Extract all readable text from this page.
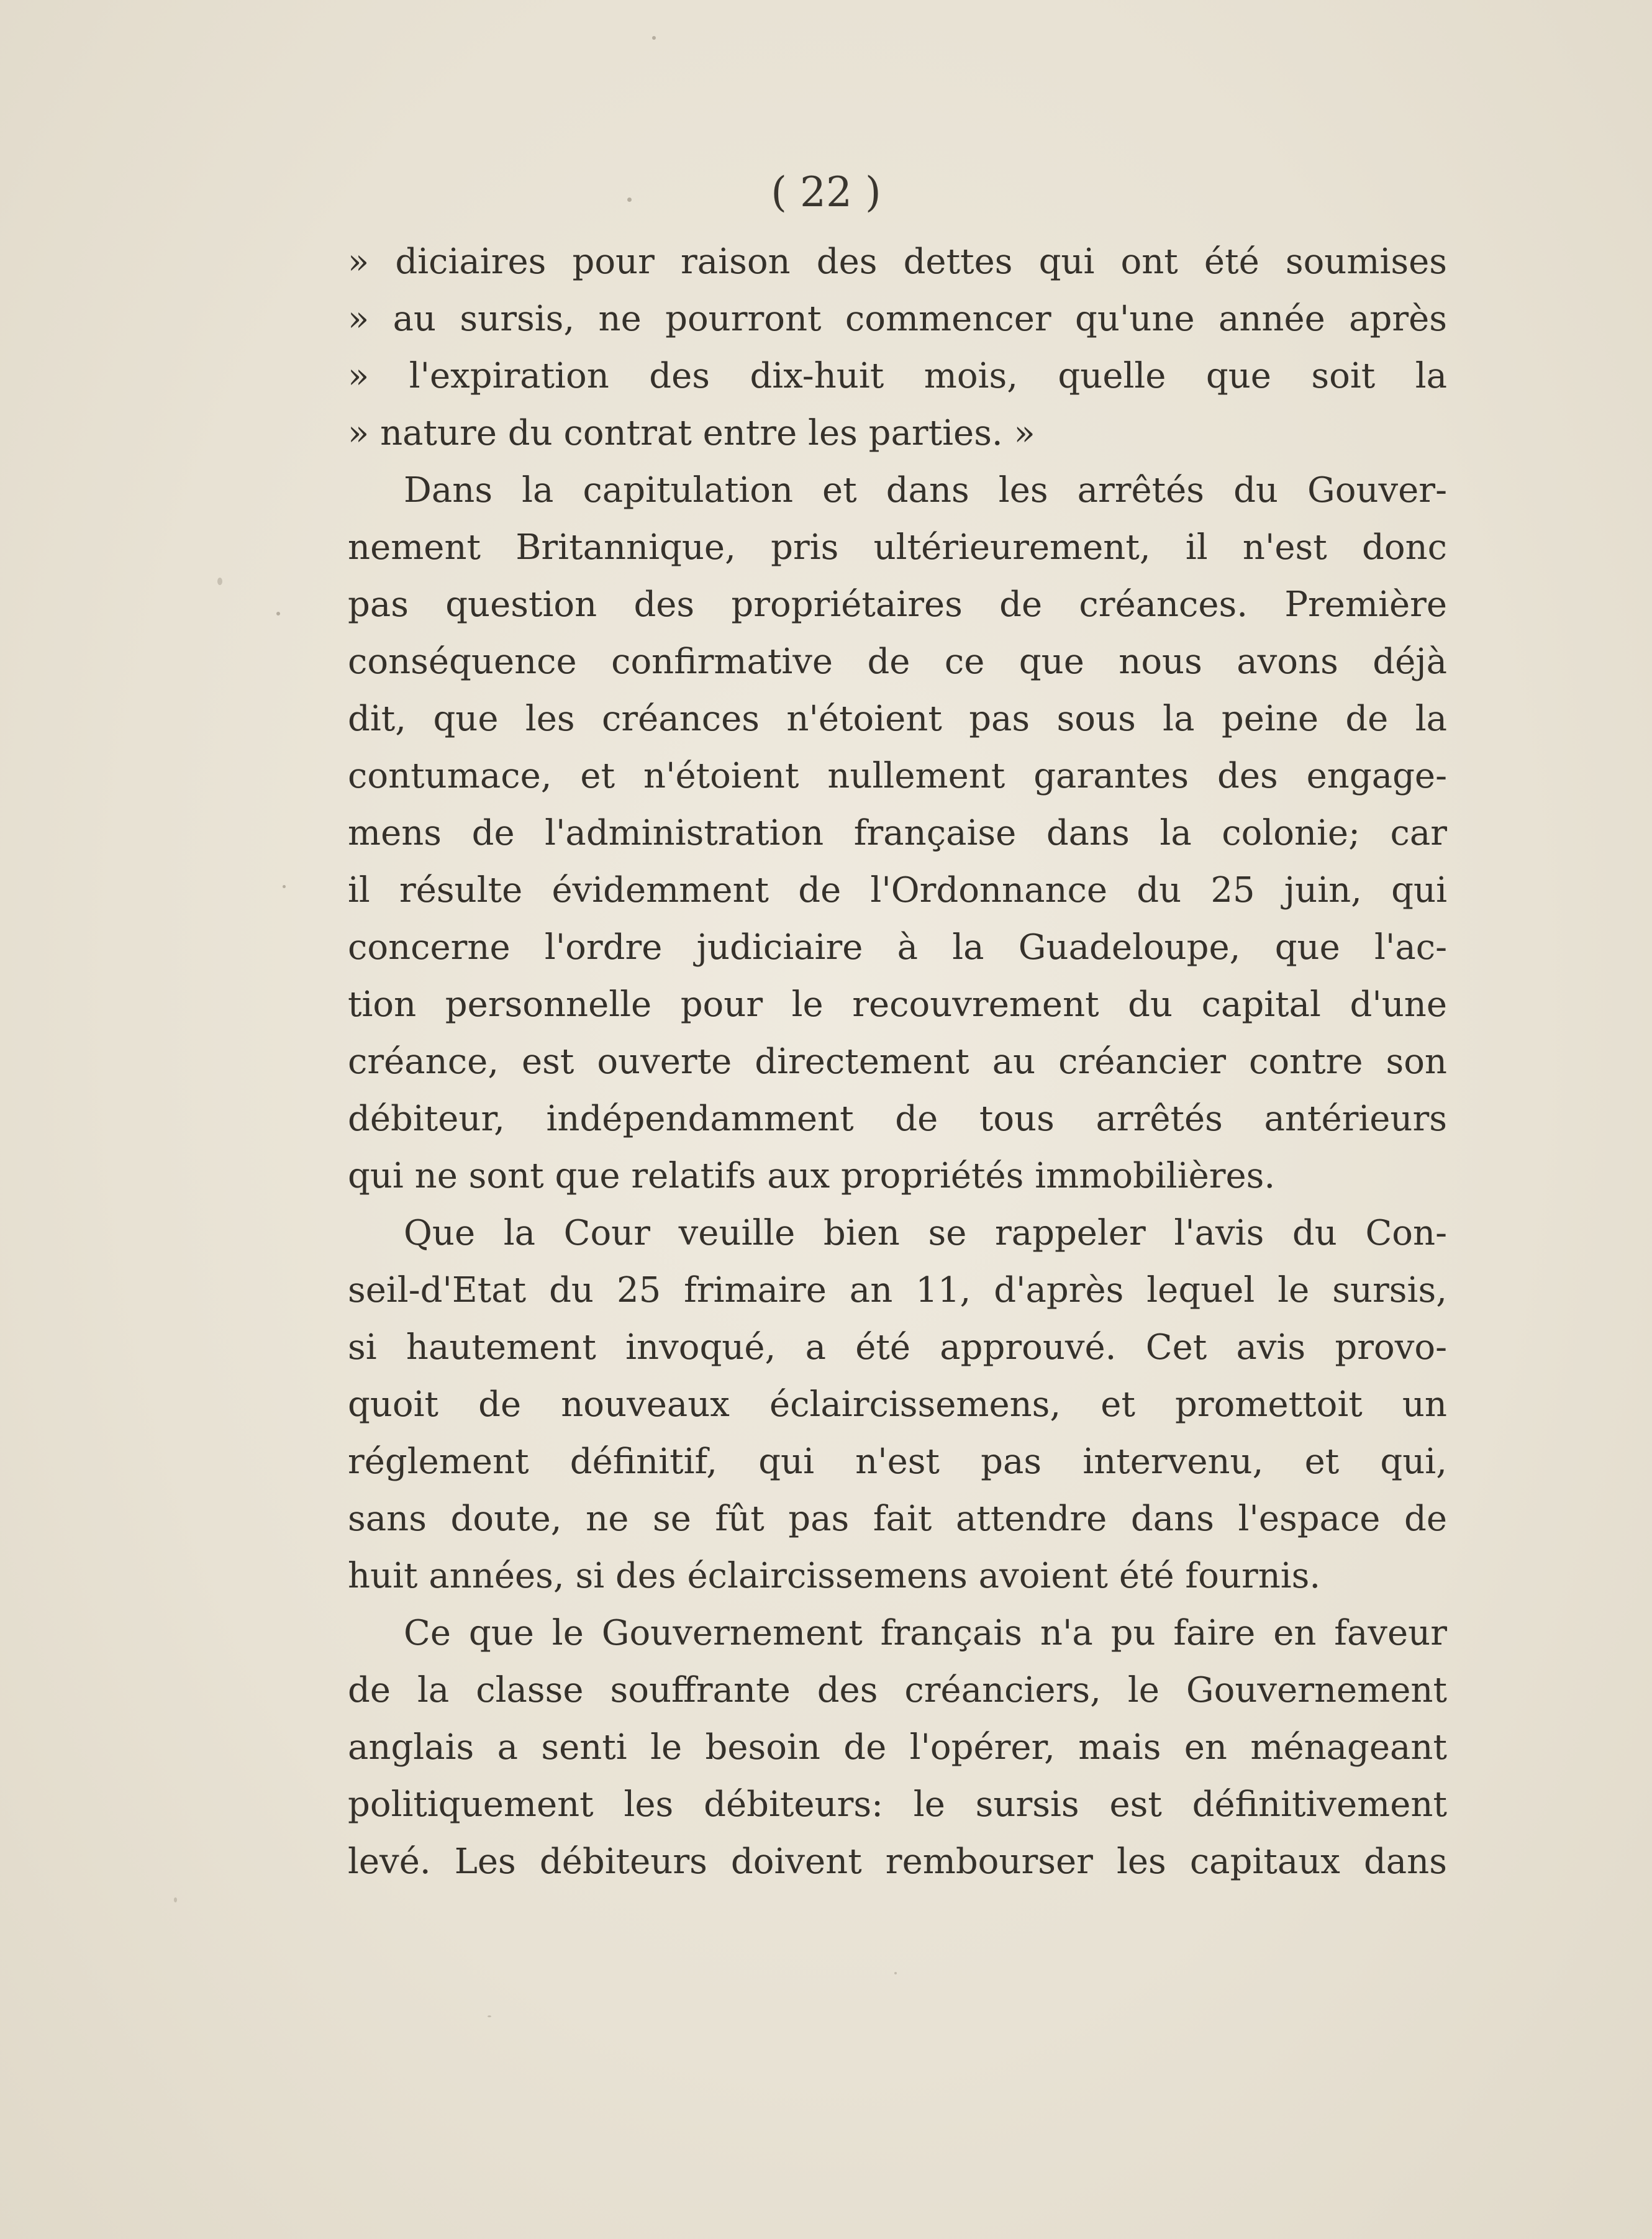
( 22 )
» diciaires pour raison des dettes qui ont été soumises
» au sursis, ne pourront commencer qu'une année après
» l'expiration des dix-huit mois, quelle que soit la
» nature du contrat entre les parties. »
Dans la capitulation et dans les arrêtés du Gouver-
nement Britannique, pris ultérieurement, il n'est donc
pas question des propriétaires de créances. Première
conséquence confirmative de ce que nous avons déjà
dit, que les créances n'étoient pas sous la peine de la
contumace, et n'étoient nullement garantes des engage-
mens de l'administration française dans la colonie; car
il résulte évidemment de l'Ordonnance du 25 juin, qui
concerne l'ordre judiciaire à la Guadeloupe, que l'ac-
tion personnelle pour le recouvrement du capital d'une
créance, est ouverte directement au créancier contre son
débiteur, indépendamment de tous arrêtés antérieurs
qui ne sont que relatifs aux propriétés immobilières.
Que la Cour veuille bien se rappeler l'avis du Con-
seil-d'Etat du 25 frimaire an 11, d'après lequel le sursis,
si hautement invoqué, a été approuvé. Cet avis provo-
quoit de nouveaux éclaircissemens, et promettoit un
réglement définitif, qui n'est pas intervenu, et qui,
sans doute, ne se fût pas fait attendre dans l'espace de
huit années, si des éclaircissemens avoient été fournis.
Ce que le Gouvernement français n'a pu faire en faveur
de la classe souffrante des créanciers, le Gouvernement
anglais a senti le besoin de l'opérer, mais en ménageant
politiquement les débiteurs: le sursis est définitivement
levé. Les débiteurs doivent rembourser les capitaux dans
